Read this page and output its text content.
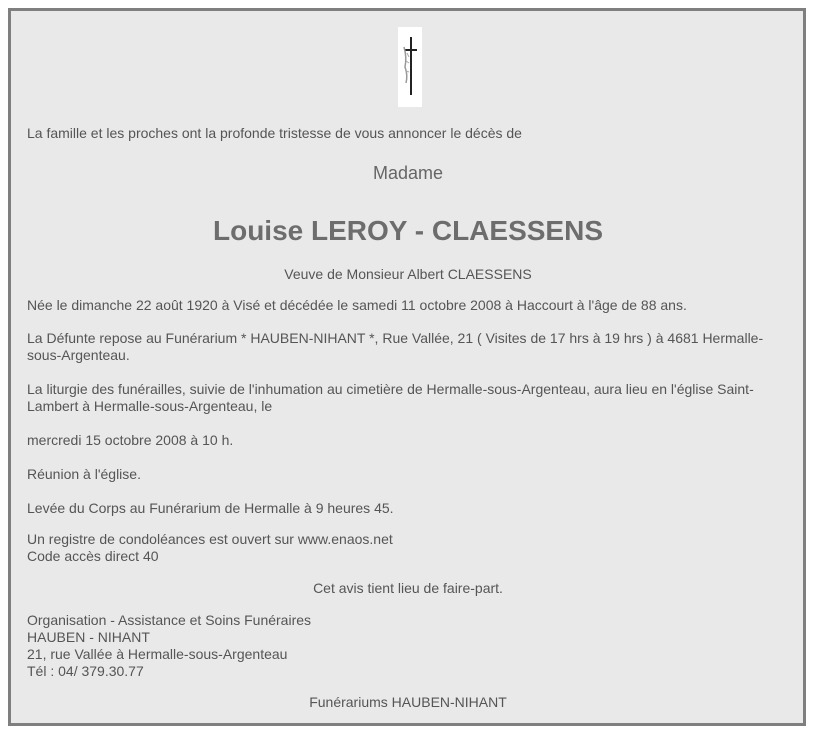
La famille et les proches ont la profonde tristesse de vous annoncer le décès de

Madame

Louise LEROY - CLAESSENS

Veuve de Monsieur Albert CLAESSENS

Née le dimanche 22 août 1920 à Visé et décédée le samedi 11 octobre 2008 à Haccourt à l'âge de 88 ans.

La Défunte repose au Funérarium * HAUBEN-NIHANT *, Rue Vallée, 21 ( Visites de 17 hrs à 19 hrs ) à 4681 Hermalle-sous-Argenteau.

La liturgie des funérailles, suivie de l'inhumation au cimetière de Hermalle-sous-Argenteau, aura lieu en l'église Saint-Lambert à Hermalle-sous-Argenteau, le

mercredi 15 octobre 2008 à 10 h.

Réunion à l'église.

Levée du Corps au Funérarium de Hermalle à 9 heures 45.

Un registre de condoléances est ouvert sur www.enaos.net

Code accès direct 40

Cet avis tient lieu de faire-part.

Organisation - Assistance et Soins Funéraires

HAUBEN - NIHANT

21, rue Vallée à Hermalle-sous-Argenteau

Tél : 04/ 379.30.77

Funérariums HAUBEN-NIHANT
